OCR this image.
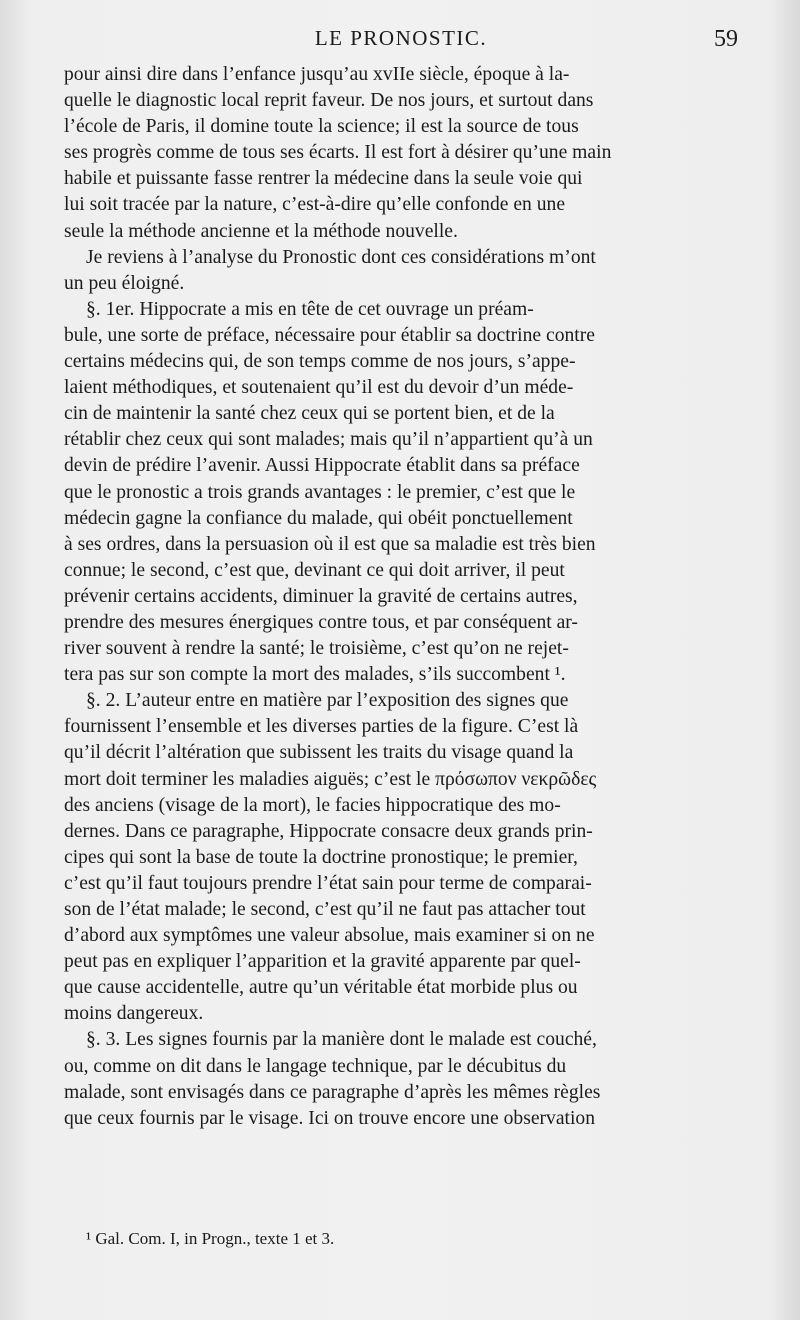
LE PRONOSTIC.	59
pour ainsi dire dans l’enfance jusqu’au xvIIe siècle, époque à la-
quelle le diagnostic local reprit faveur. De nos jours, et surtout dans
l’école de Paris, il domine toute la science; il est la source de tous
ses progrès comme de tous ses écarts. Il est fort à désirer qu’une main
habile et puissante fasse rentrer la médecine dans la seule voie qui
lui soit tracée par la nature, c’est-à-dire qu’elle confonde en une
seule la méthode ancienne et la méthode nouvelle.
Je reviens à l’analyse du Pronostic dont ces considérations m’ont
un peu éloigné.
§. 1er. Hippocrate a mis en tête de cet ouvrage un préam-
bule, une sorte de préface, nécessaire pour établir sa doctrine contre
certains médecins qui, de son temps comme de nos jours, s’appe-
laient méthodiques, et soutenaient qu’il est du devoir d’un méde-
cin de maintenir la santé chez ceux qui se portent bien, et de la
rétablir chez ceux qui sont malades; mais qu’il n’appartient qu’à un
devin de prédire l’avenir. Aussi Hippocrate établit dans sa préface
que le pronostic a trois grands avantages : le premier, c’est que le
médecin gagne la confiance du malade, qui obéit ponctuellement
à ses ordres, dans la persuasion où il est que sa maladie est très bien
connue; le second, c’est que, devinant ce qui doit arriver, il peut
prévenir certains accidents, diminuer la gravité de certains autres,
prendre des mesures énergiques contre tous, et par conséquent ar-
river souvent à rendre la santé; le troisième, c’est qu’on ne rejet-
tera pas sur son compte la mort des malades, s’ils succombent ¹.
§. 2. L’auteur entre en matière par l’exposition des signes que
fournissent l’ensemble et les diverses parties de la figure. C’est là
qu’il décrit l’altération que subissent les traits du visage quand la
mort doit terminer les maladies aiguës; c’est le πρόσωπον νεκρῶδες
des anciens (visage de la mort), le facies hippocratique des mo-
dernes. Dans ce paragraphe, Hippocrate consacre deux grands prin-
cipes qui sont la base de toute la doctrine pronostique; le premier,
c’est qu’il faut toujours prendre l’état sain pour terme de comparai-
son de l’état malade; le second, c’est qu’il ne faut pas attacher tout
d’abord aux symptômes une valeur absolue, mais examiner si on ne
peut pas en expliquer l’apparition et la gravité apparente par quel-
que cause accidentelle, autre qu’un véritable état morbide plus ou
moins dangereux.
§. 3. Les signes fournis par la manière dont le malade est couché,
ou, comme on dit dans le langage technique, par le décubitus du
malade, sont envisagés dans ce paragraphe d’après les mêmes règles
que ceux fournis par le visage. Ici on trouve encore une observation
¹ Gal. Com. I, in Progn., texte 1 et 3.
